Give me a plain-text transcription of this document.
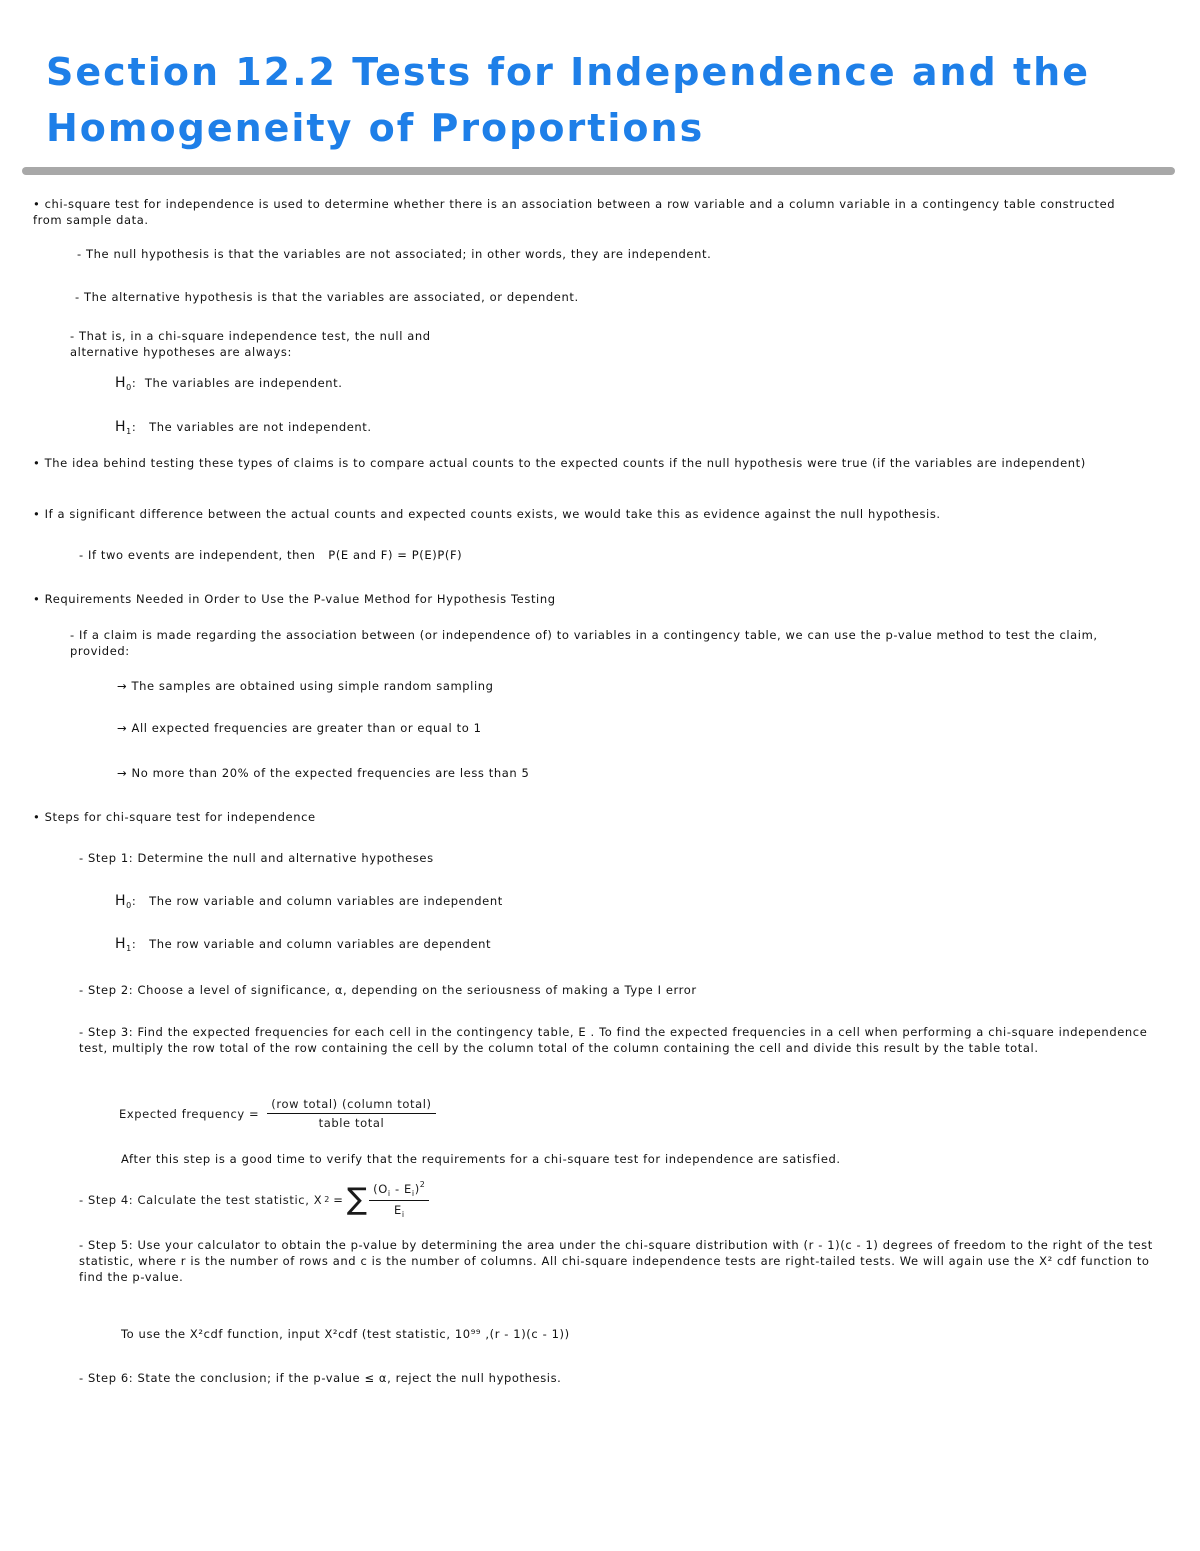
Section 12.2 Tests for Independence and the Homogeneity of Proportions

• chi-square test for independence is used to determine whether there is an association between a row variable and a column variable in a contingency table constructed from sample data.

- The null hypothesis is that the variables are not associated; in other words, they are independent.

- The alternative hypothesis is that the variables are associated, or dependent.

- That is, in a chi-square independence test, the null and
alternative hypotheses are always:

$H_0$:  The variables are independent.
$H_1$:   The variables are not independent.

• The idea behind testing these types of claims is to compare actual counts to the expected counts if the null hypothesis were true (if the variables are independent)

• If a significant difference between the actual counts and expected counts exists, we would take this as evidence against the null hypothesis.

- If two events are independent, then   P(E and F) = P(E)P(F)

• Requirements Needed in Order to Use the P-value Method for Hypothesis Testing

- If a claim is made regarding the association between (or independence of) to variables in a contingency table, we can use the p-value method to test the claim, provided:

→ The samples are obtained using simple random sampling

→ All expected frequencies are greater than or equal to 1

→ No more than 20% of the expected frequencies are less than 5

• Steps for chi-square test for independence

- Step 1: Determine the null and alternative hypotheses

$H_0$:   The row variable and column variables are independent
$H_1$:   The row variable and column variables are dependent

- Step 2: Choose a level of significance, α, depending on the seriousness of making a Type I error

- Step 3: Find the expected frequencies for each cell in the contingency table, E . To find the expected frequencies in a cell when performing a chi-square independence test, multiply the row total of the row containing the cell by the column total of the column containing the cell and divide this result by the table total.

Expected frequency = $\frac{\text{(row total) (column total)}}{\text{table total}}$

After this step is a good time to verify that the requirements for a chi-square test for independence are satisfied.

- Step 4: Calculate the test statistic, X 2 = ∑ $\frac{(O_i - E_i)^2}{E_i}$

- Step 5: Use your calculator to obtain the p-value by determining the area under the chi-square distribution with (r - 1)(c - 1) degrees of freedom to the right of the test statistic, where r is the number of rows and c is the number of columns. All chi-square independence tests are right-tailed tests. We will again use the X² cdf function to find the p-value.

To use the X²cdf function, input X²cdf (test statistic, 10⁹⁹ ,(r - 1)(c - 1))

- Step 6: State the conclusion; if the p-value ≤ α, reject the null hypothesis.
